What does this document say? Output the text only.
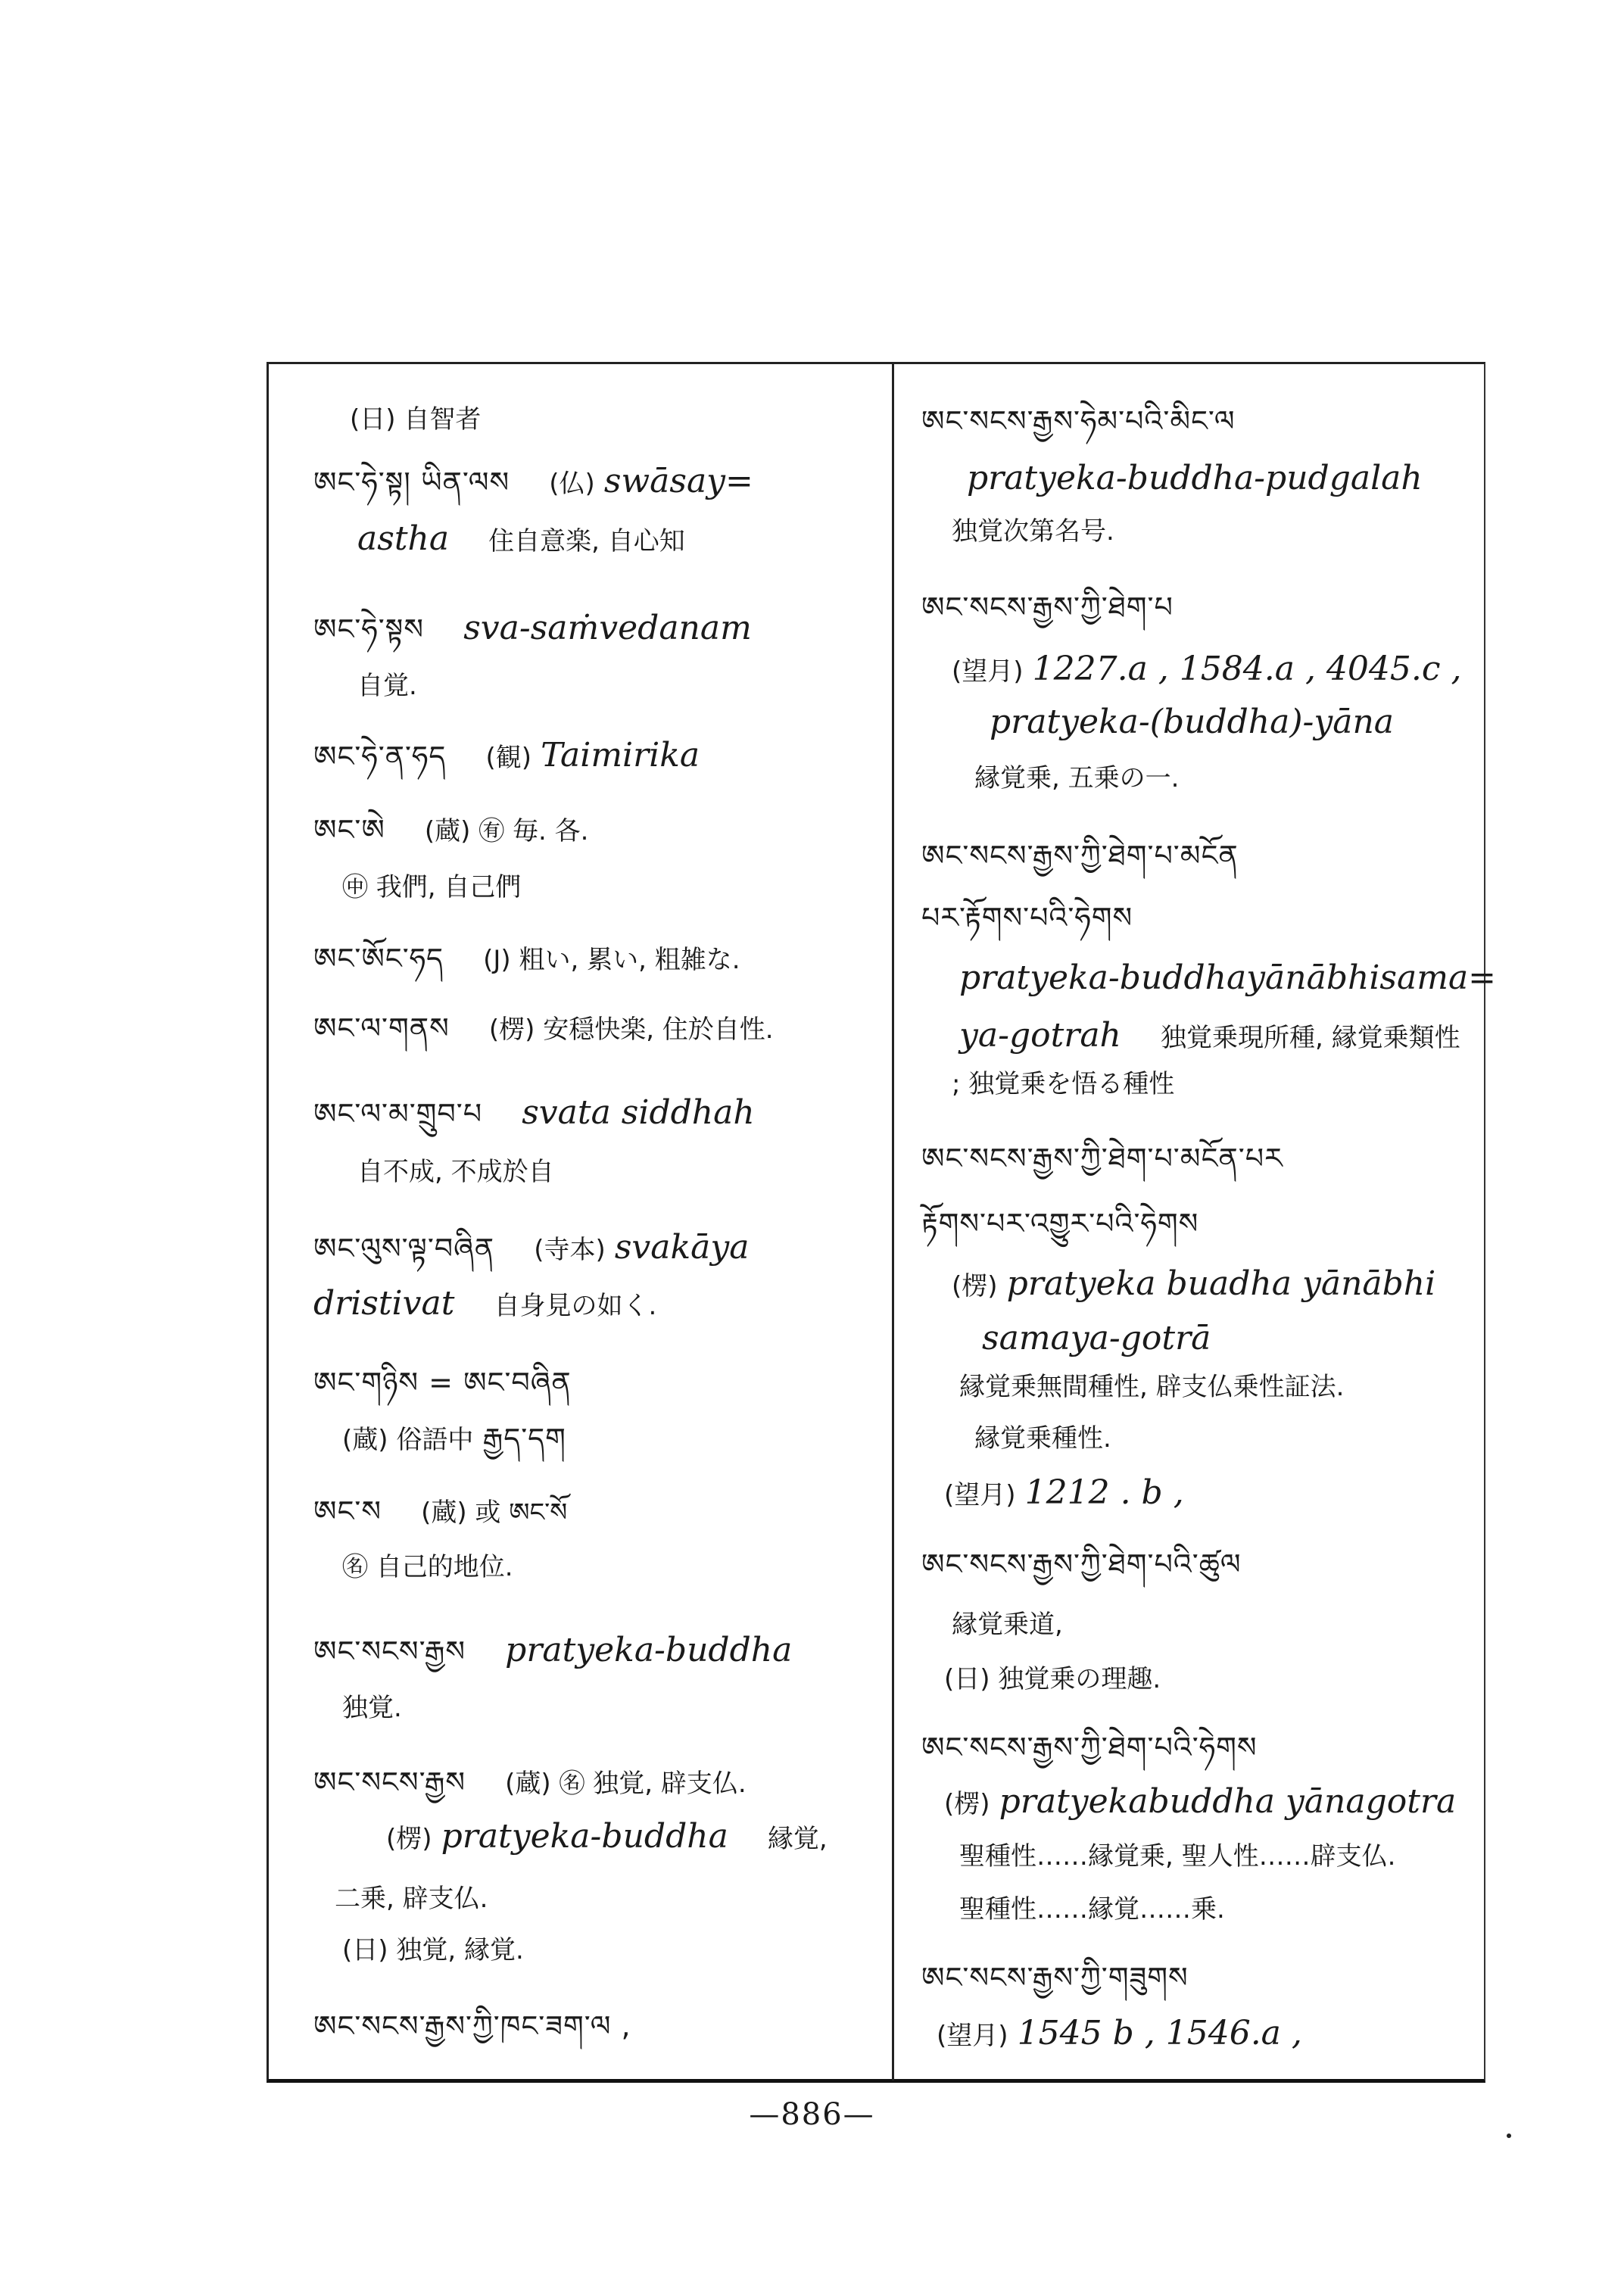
(日) 自智者
ཨང་ཧེ་སྟ། ཡིན་ལས (仏) swāsay=
astha 住自意楽, 自心知
ཨང་ཧེ་སྟས sva-saṁvedanam
自覚.
ཨང་ཧེ་ན་ཧད (観) Taimirika
ཨང་ཨེ (蔵) ㊒ 毎. 各.
㊥ 我們, 自己們
ཨང་ཨོང་ཧད (J) 粗い, 累い, 粗雑な.
ཨང་ལ་གནས (楞) 安穏快楽, 住於自性.
ཨང་ལ་མ་གྲུབ་པ svata siddhah
自不成, 不成於自
ཨང་ལུས་ལྟ་བཞིན (寺本) svakāya
dristivat 自身見の如く.
ཨང་གཉིས = ཨང་བཞིན
(蔵) 俗語中 རྒྱད་དག
ཨང་ས (蔵) 或 ཨང་སོ
㊔ 自己的地位.
ཨང་སངས་རྒྱས pratyeka-buddha
独覚.
ཨང་སངས་རྒྱས (蔵) ㊔ 独覚, 辟支仏.
(楞) pratyeka-buddha 縁覚,
二乗, 辟支仏.
(日) 独覚, 縁覚.
ཨང་སངས་རྒྱས་ཀྱི་ཁང་ཟག་ལ ,
ཨང་སངས་རྒྱས་ཧེམ་པའི་མིང་ལ
pratyeka-buddha-pudgalah
独覚次第名号.
ཨང་སངས་རྒྱས་ཀྱི་ཐེག་པ
(望月) 1227.a , 1584.a , 4045.c ,
pratyeka-(buddha)-yāna
縁覚乗, 五乗の一.
ཨང་སངས་རྒྱས་ཀྱི་ཐེག་པ་མངོན
པར་རྟོགས་པའི་ཧེགས
pratyeka-buddhayānābhisama=
ya-gotrah 独覚乗現所種, 縁覚乗類性
; 独覚乗を悟る種性
ཨང་སངས་རྒྱས་ཀྱི་ཐེག་པ་མངོན་པར
རྟོགས་པར་འགྱུར་པའི་ཧེགས
(楞) pratyeka buadha yānābhi
samaya-gotrā
縁覚乗無間種性, 辟支仏乗性証法.
縁覚乗種性.
(望月) 1212 . b ,
ཨང་སངས་རྒྱས་ཀྱི་ཐེག་པའི་ཚུལ
縁覚乗道,
(日) 独覚乗の理趣.
ཨང་སངས་རྒྱས་ཀྱི་ཐེག་པའི་ཧེགས
(楞) pratyekabuddha yānagotra
聖種性……縁覚乗, 聖人性……辟支仏.
聖種性……縁覚……乗.
ཨང་སངས་རྒྱས་ཀྱི་གཟུགས
(望月) 1545 b , 1546.a ,
—886—
